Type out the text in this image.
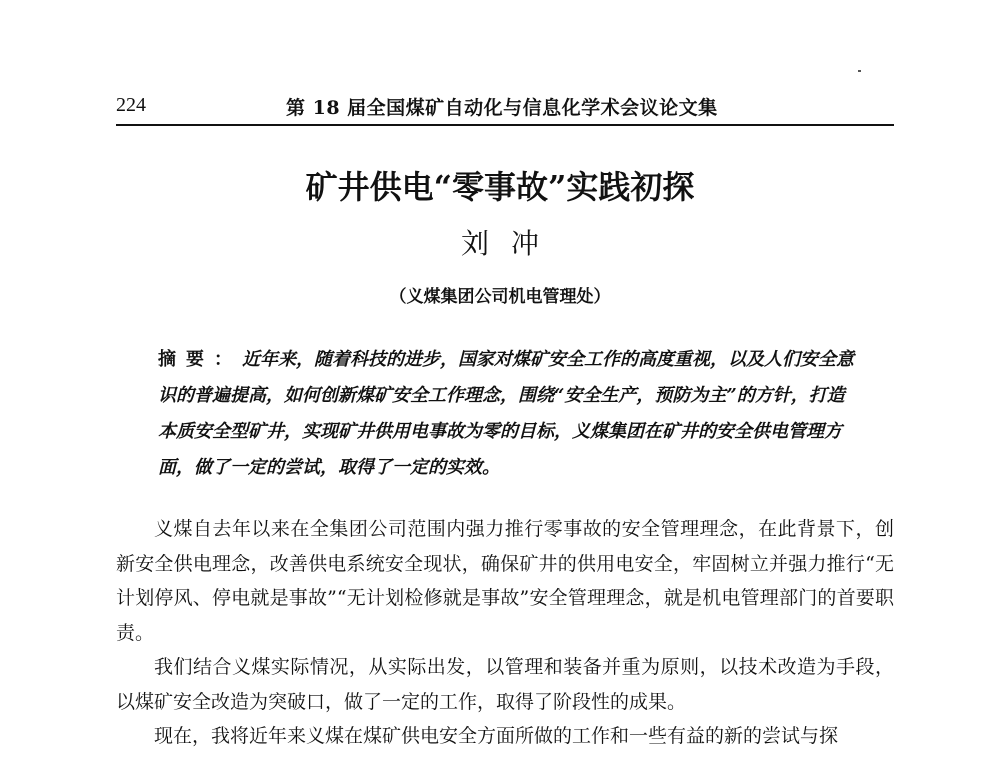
224	第 18 届全国煤矿自动化与信息化学术会议论文集
矿井供电“零事故”实践初探
刘冲
（义煤集团公司机电管理处）
摘要：近年来，随着科技的进步，国家对煤矿安全工作的高度重视，以及人们安全意识的普遍提高，如何创新煤矿安全工作理念，围绕“安全生产，预防为主”的方针，打造本质安全型矿井，实现矿井供用电事故为零的目标，义煤集团在矿井的安全供电管理方面，做了一定的尝试，取得了一定的实效。

义煤自去年以来在全集团公司范围内强力推行零事故的安全管理理念，在此背景下，创新安全供电理念，改善供电系统安全现状，确保矿井的供用电安全，牢固树立并强力推行“无计划停风、停电就是事故”“无计划检修就是事故”安全管理理念，就是机电管理部门的首要职责。

我们结合义煤实际情况，从实际出发，以管理和装备并重为原则，以技术改造为手段，以煤矿安全改造为突破口，做了一定的工作，取得了阶段性的成果。

现在，我将近年来义煤在煤矿供电安全方面所做的工作和一些有益的新的尝试与探
